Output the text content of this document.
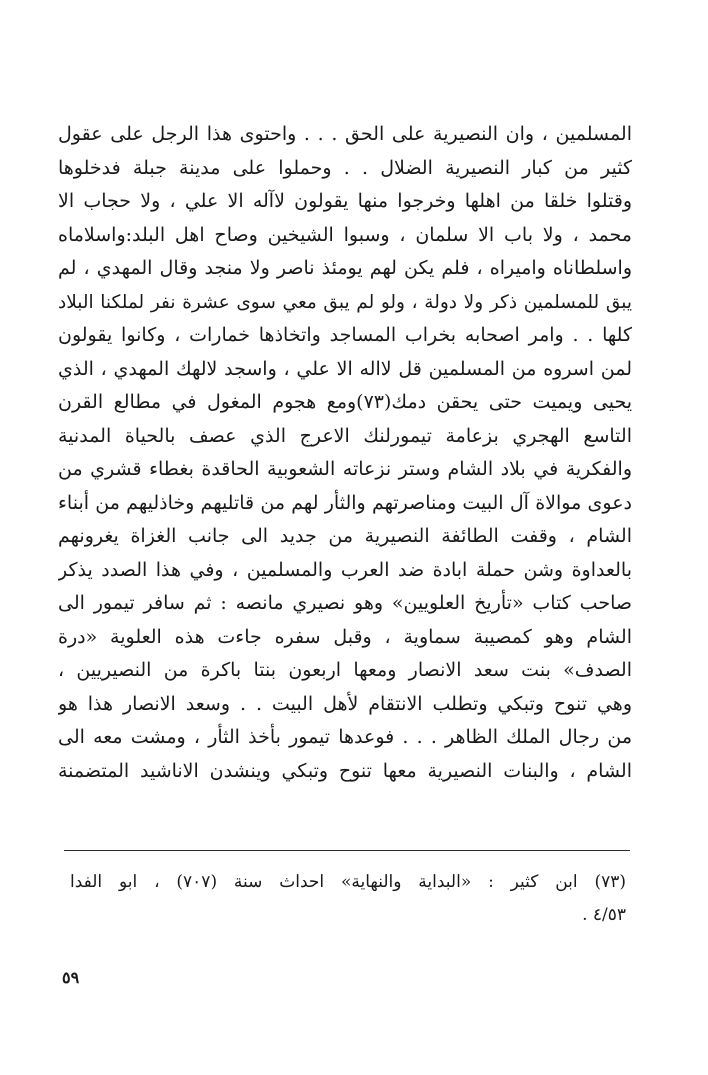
المسلمين ، وان النصيرية على الحق . . . واحتوى هذا الرجل على عقول
كثير من كبار النصيرية الضلال . . وحملوا على مدينة جبلة فدخلوها
وقتلوا خلقا من اهلها وخرجوا منها يقولون لاآله الا علي ، ولا حجاب الا
محمد ، ولا باب الا سلمان ، وسبوا الشيخين وصاح اهل البلد:واسلاماه
واسلطاناه واميراه ، فلم يكن لهم يومئذ ناصر ولا منجد وقال المهدي ، لم
يبق للمسلمين ذكر ولا دولة ، ولو لم يبق معي سوى عشرة نفر لملكنا البلاد
كلها . . وامر اصحابه بخراب المساجد واتخاذها خمارات ، وكانوا يقولون
لمن اسروه من المسلمين قل لااله الا علي ، واسجد لالهك المهدي ، الذي
يحيى ويميت حتى يحقن دمك(٧٣)ومع هجوم المغول في مطالع القرن
التاسع الهجري بزعامة تيمورلنك الاعرج الذي عصف بالحياة المدنية
والفكرية في بلاد الشام وستر نزعاته الشعوبية الحاقدة بغطاء قشري من
دعوى موالاة آل البيت ومناصرتهم والثأر لهم من قاتليهم وخاذليهم من أبناء
الشام ، وقفت الطائفة النصيرية من جديد الى جانب الغزاة يغرونهم
بالعداوة وشن حملة ابادة ضد العرب والمسلمين ، وفي هذا الصدد يذكر
صاحب كتاب «تأريخ العلويين» وهو نصيري مانصه : ثم سافر تيمور الى
الشام وهو كمصيبة سماوية ، وقبل سفره جاءت هذه العلوية «درة
الصدف» بنت سعد الانصار ومعها اربعون بنتا باكرة من النصيريين ،
وهي تنوح وتبكي وتطلب الانتقام لأهل البيت . . وسعد الانصار هذا هو
من رجال الملك الظاهر . . . فوعدها تيمور بأخذ الثأر ، ومشت معه الى
الشام ، والبنات النصيرية معها تنوح وتبكي وينشدن الاناشيد المتضمنة
(٧٣) ابن كثير : «البداية والنهاية» احداث سنة (٧٠٧) ، ابو الفدا
٤/٥٣ .
٥٩
